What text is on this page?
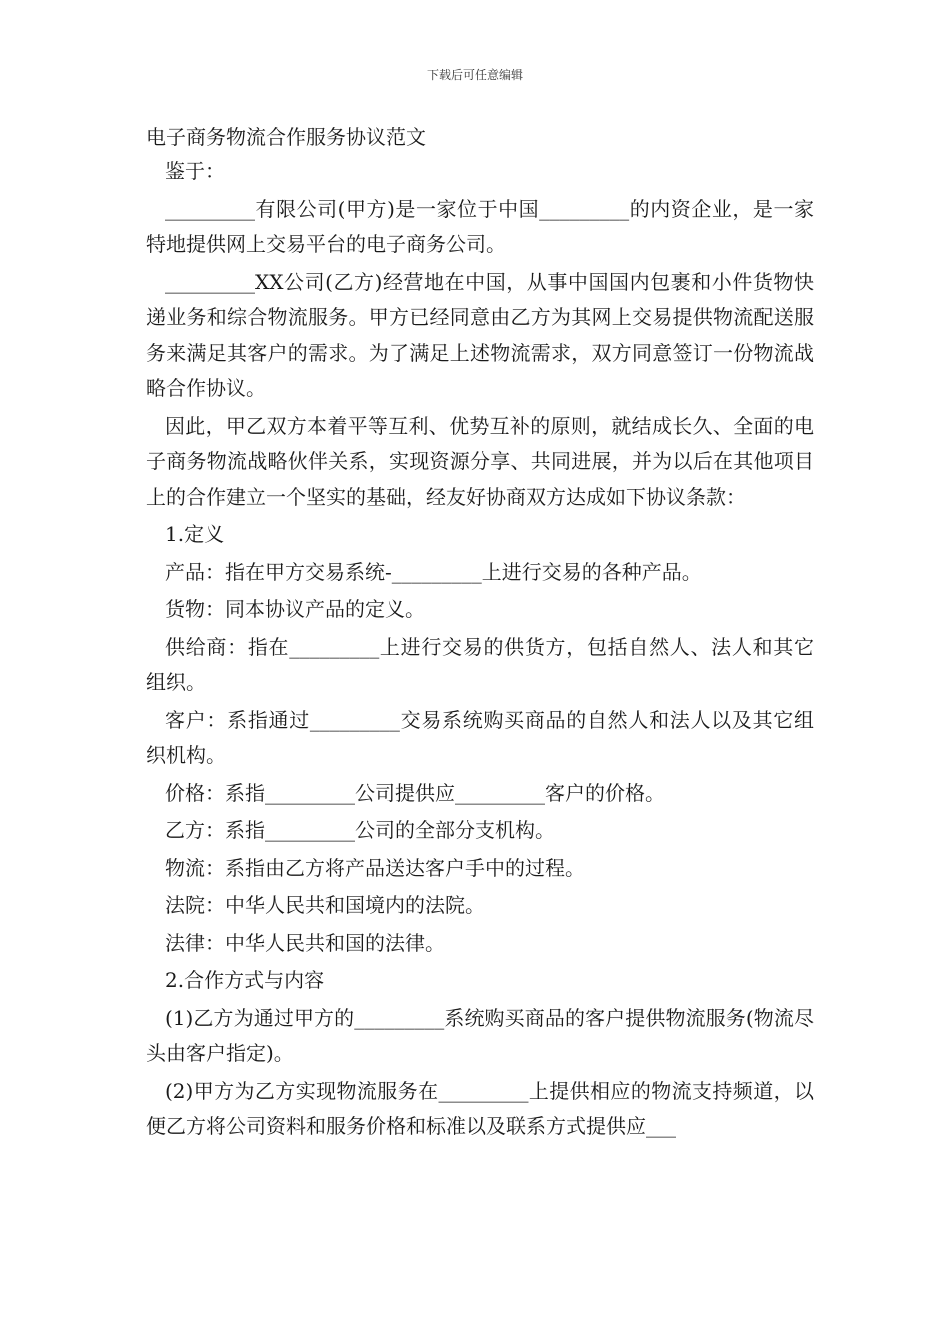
下载后可任意编辑

电子商务物流合作服务协议范文

鉴于：

_________有限公司(甲方)是一家位于中国_________的内资企业，是一家特地提供网上交易平台的电子商务公司。

_________XX公司(乙方)经营地在中国，从事中国国内包裹和小件货物快递业务和综合物流服务。甲方已经同意由乙方为其网上交易提供物流配送服务来满足其客户的需求。为了满足上述物流需求，双方同意签订一份物流战略合作协议。

因此，甲乙双方本着平等互利、优势互补的原则，就结成长久、全面的电子商务物流战略伙伴关系，实现资源分享、共同进展，并为以后在其他项目上的合作建立一个坚实的基础，经友好协商双方达成如下协议条款：

1.定义

产品：指在甲方交易系统-_________上进行交易的各种产品。

货物：同本协议产品的定义。

供给商：指在_________上进行交易的供货方，包括自然人、法人和其它组织。

客户：系指通过_________交易系统购买商品的自然人和法人以及其它组织机构。

价格：系指_________公司提供应_________客户的价格。

乙方：系指_________公司的全部分支机构。

物流：系指由乙方将产品送达客户手中的过程。

法院：中华人民共和国境内的法院。

法律：中华人民共和国的法律。

2.合作方式与内容

(1)乙方为通过甲方的_________系统购买商品的客户提供物流服务(物流尽头由客户指定)。

(2)甲方为乙方实现物流服务在_________上提供相应的物流支持频道，以便乙方将公司资料和服务价格和标准以及联系方式提供应___
